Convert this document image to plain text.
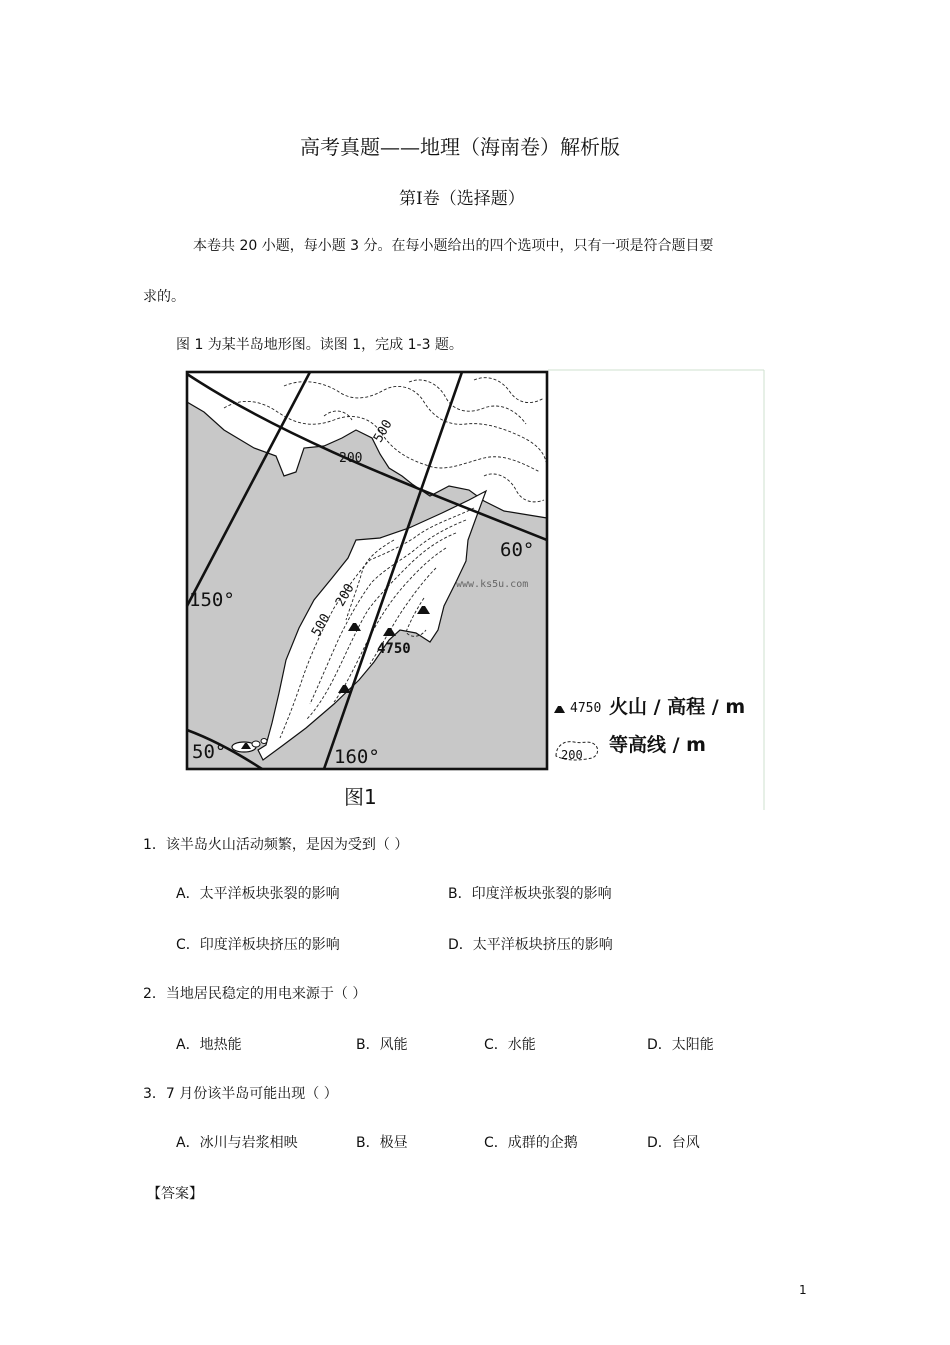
高考真题——地理（海南卷）解析版
第Ⅰ卷（选择题）
本卷共 20 小题，每小题 3 分。在每小题给出的四个选项中，只有一项是符合题目要
求的。
图 1 为某半岛地形图。读图 1，完成 1-3 题。
150°
160°
60°
50°
200
500
200
500
4750
www.ks5u.com
4750 火山 / 高程 / m
200 等高线 / m
图1
1．该半岛火山活动频繁，是因为受到（ ）
A．太平洋板块张裂的影响	B．印度洋板块张裂的影响
C．印度洋板块挤压的影响	D．太平洋板块挤压的影响
2．当地居民稳定的用电来源于（ ）
A．地热能	B．风能	C．水能	D．太阳能
3．7 月份该半岛可能出现（ ）
A．冰川与岩浆相映	B．极昼	C．成群的企鹅	D．台风
【答案】
1
